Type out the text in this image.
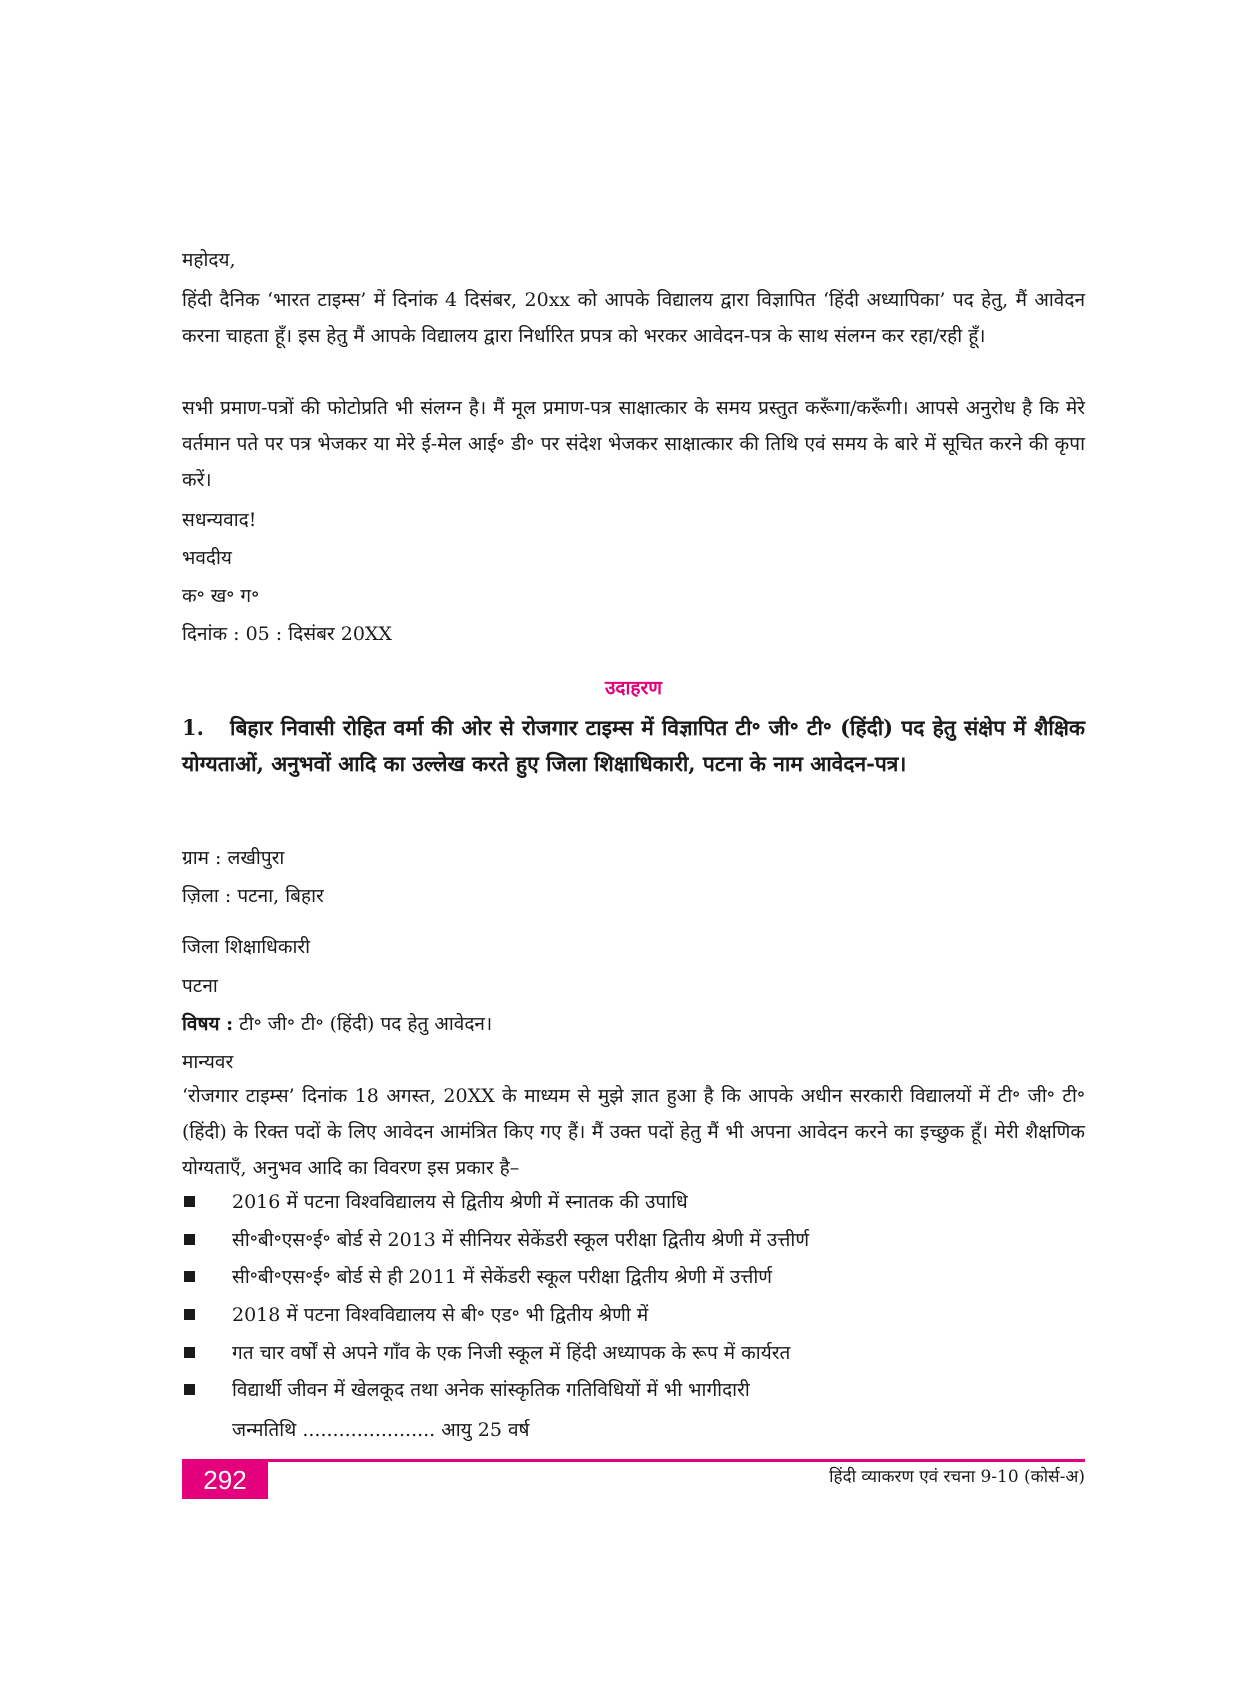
महोदय,
हिंदी दैनिक ‘भारत टाइम्स’ में दिनांक 4 दिसंबर, 20xx को आपके विद्यालय द्वारा विज्ञापित ‘हिंदी अध्यापिका’ पद हेतु, मैं आवेदन करना चाहता हूँ। इस हेतु मैं आपके विद्यालय द्वारा निर्धारित प्रपत्र को भरकर आवेदन-पत्र के साथ संलग्न कर रहा/रही हूँ।
सभी प्रमाण-पत्रों की फोटोप्रति भी संलग्न है। मैं मूल प्रमाण-पत्र साक्षात्कार के समय प्रस्तुत करूँगा/करूँगी। आपसे अनुरोध है कि मेरे वर्तमान पते पर पत्र भेजकर या मेरे ई-मेल आई॰ डी॰ पर संदेश भेजकर साक्षात्कार की तिथि एवं समय के बारे में सूचित करने की कृपा करें।
सधन्यवाद!
भवदीय
क॰ ख॰ ग॰
दिनांक : 05 : दिसंबर 20XX
उदाहरण
1. बिहार निवासी रोहित वर्मा की ओर से रोजगार टाइम्स में विज्ञापित टी॰ जी॰ टी॰ (हिंदी) पद हेतु संक्षेप में शैक्षिक योग्यताओं, अनुभवों आदि का उल्लेख करते हुए जिला शिक्षाधिकारी, पटना के नाम आवेदन-पत्र।
ग्राम : लखीपुरा
ज़िला : पटना, बिहार
जिला शिक्षाधिकारी
पटना
विषय : टी॰ जी॰ टी॰ (हिंदी) पद हेतु आवेदन।
मान्यवर
‘रोजगार टाइम्स’ दिनांक 18 अगस्त, 20XX के माध्यम से मुझे ज्ञात हुआ है कि आपके अधीन सरकारी विद्यालयों में टी॰ जी॰ टी॰ (हिंदी) के रिक्त पदों के लिए आवेदन आमंत्रित किए गए हैं। मैं उक्त पदों हेतु मैं भी अपना आवेदन करने का इच्छुक हूँ। मेरी शैक्षणिक योग्यताएँ, अनुभव आदि का विवरण इस प्रकार है–
2016 में पटना विश्वविद्यालय से द्वितीय श्रेणी में स्नातक की उपाधि
सी॰बी॰एस॰ई॰ बोर्ड से 2013 में सीनियर सेकेंडरी स्कूल परीक्षा द्वितीय श्रेणी में उत्तीर्ण
सी॰बी॰एस॰ई॰ बोर्ड से ही 2011 में सेकेंडरी स्कूल परीक्षा द्वितीय श्रेणी में उत्तीर्ण
2018 में पटना विश्वविद्यालय से बी॰ एड॰ भी द्वितीय श्रेणी में
गत चार वर्षों से अपने गाँव के एक निजी स्कूल में हिंदी अध्यापक के रूप में कार्यरत
विद्यार्थी जीवन में खेलकूद तथा अनेक सांस्कृतिक गतिविधियों में भी भागीदारी
जन्मतिथि ...................... आयु 25 वर्ष
292	हिंदी व्याकरण एवं रचना 9-10 (कोर्स-अ)
